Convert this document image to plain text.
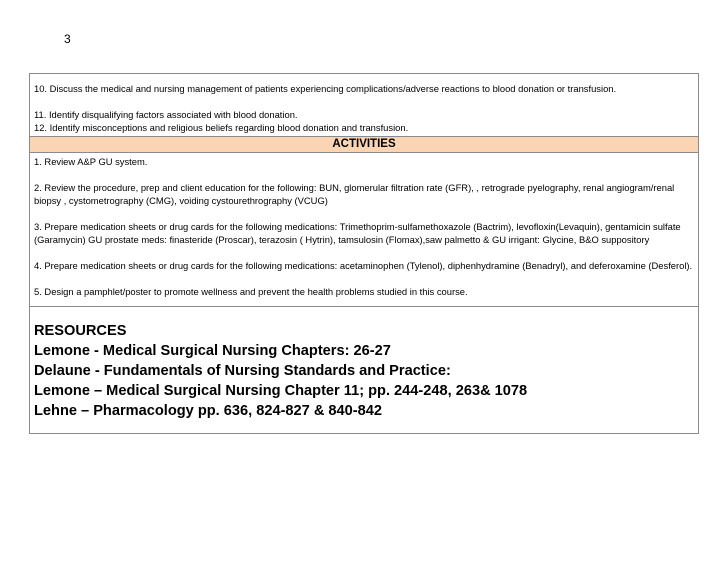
3
10. Discuss the medical and nursing management of patients experiencing complications/adverse reactions to blood donation or transfusion.
11. Identify disqualifying factors associated with blood donation.
12. Identify misconceptions and religious beliefs regarding blood donation and transfusion.
ACTIVITIES

1. Review A&P GU system.

2. Review the procedure, prep and client education for the following: BUN, glomerular filtration rate (GFR), , retrograde pyelography, renal angiogram/renal biopsy , cystometrography (CMG), voiding cystourethrography (VCUG)

3. Prepare medication sheets or drug cards for the following medications: Trimethoprim-sulfamethoxazole (Bactrim), levofloxin(Levaquin), gentamicin sulfate (Garamycin) GU prostate meds: finasteride (Proscar), terazosin ( Hytrin), tamsulosin (Flomax),saw palmetto & GU irrigant: Glycine, B&O suppository

4. Prepare medication sheets or drug cards for the following medications: acetaminophen (Tylenol), diphenhydramine (Benadryl), and deferoxamine (Desferol).

5. Design a pamphlet/poster to promote wellness and prevent the health problems studied in this course.

RESOURCES
Lemone - Medical Surgical Nursing Chapters: 26-27
Delaune - Fundamentals of Nursing Standards and Practice:
Lemone – Medical Surgical Nursing Chapter 11; pp. 244-248, 263& 1078
Lehne – Pharmacology pp. 636, 824-827 & 840-842
